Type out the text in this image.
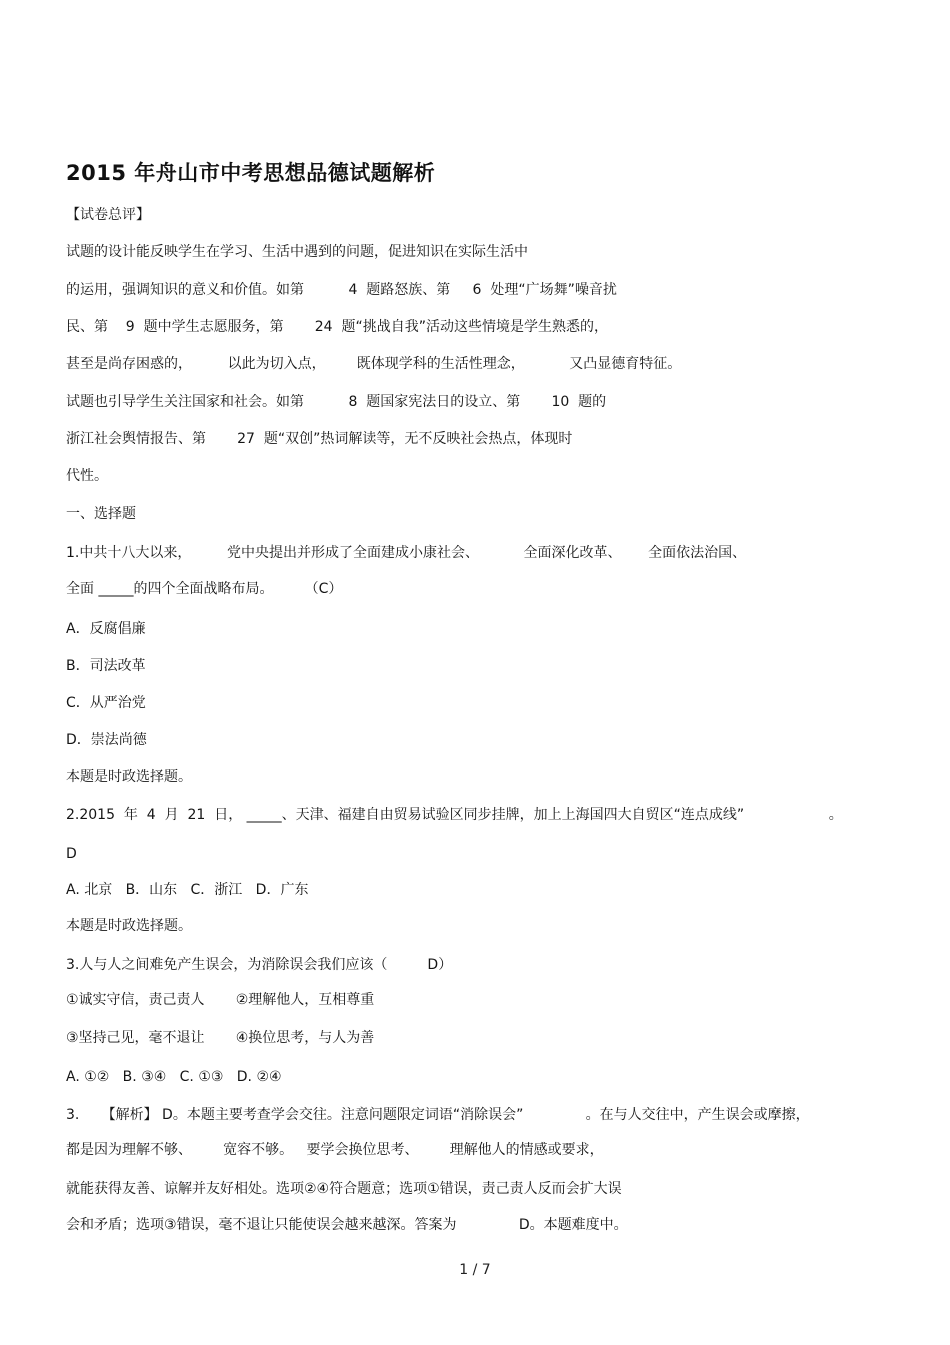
2015 年舟山市中考思想品德试题解析
【试卷总评】
试题的设计能反映学生在学习、生活中遇到的问题，促进知识在实际生活中
的运用，强调知识的意义和价值。如第          4  题路怒族、第     6  处理“广场舞”噪音扰
民、第    9  题中学生志愿服务，第       24  题“挑战自我”活动这些情境是学生熟悉的，
甚至是尚存困惑的，        以此为切入点，       既体现学科的生活性理念，          又凸显德育特征。
试题也引导学生关注国家和社会。如第          8  题国家宪法日的设立、第       10  题的
浙江社会舆情报告、第       27  题“双创”热词解读等，无不反映社会热点，体现时
代性。
一、选择题
1.中共十八大以来，        党中央提出并形成了全面建成小康社会、          全面深化改革、      全面依法治国、
全面 _____的四个全面战略布局。       （C）
A．反腐倡廉
B．司法改革
C．从严治党
D．崇法尚德
本题是时政选择题。
2.2015  年  4  月  21  日， _____、天津、福建自由贸易试验区同步挂牌，加上上海国四大自贸区“连点成线”                   。
D
A. 北京   B．山东   C．浙江   D．广东
本题是时政选择题。
3.人与人之间难免产生误会，为消除误会我们应该（         D）
①诚实守信，责己责人       ②理解他人，互相尊重
③坚持己见，毫不退让       ④换位思考，与人为善
A. ①②   B. ③④   C. ①③   D. ②④
3.     【解析】 D。本题主要考查学会交往。注意问题限定词语“消除误会”              。在与人交往中，产生误会或摩擦，
都是因为理解不够、       宽容不够。   要学会换位思考、       理解他人的情感或要求，
就能获得友善、谅解并友好相处。选项②④符合题意；选项①错误，责己责人反而会扩大误
会和矛盾；选项③错误，毫不退让只能使误会越来越深。答案为              D。本题难度中。
1 / 7
